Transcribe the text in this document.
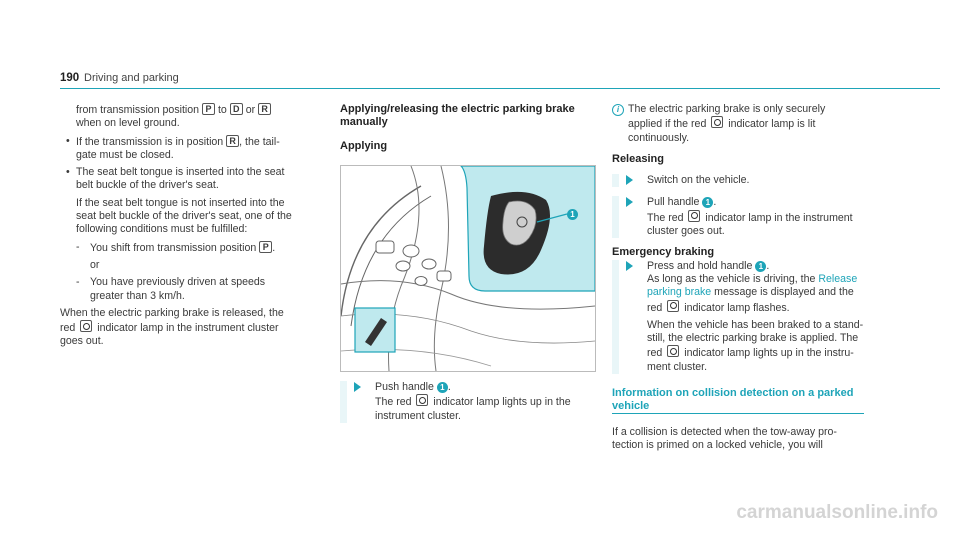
190 Driving and parking

from transmission position P to D or R

when on level ground.

• If the transmission is in position R , the tail-

gate must be closed.

• The seat belt tongue is inserted into the seat

belt buckle of the driver's seat.

If the seat belt tongue is not inserted into the

seat belt buckle of the driver's seat, one of the

following conditions must be fulfilled:

- You shift from transmission position P .

or

- You have previously driven at speeds

greater than 3 km/h.

When the electric parking brake is released, the

red indicator lamp in the instrument cluster

goes out.

Applying/releasing the electric parking brake

manually

Applying

1

Push handle 1 .

The red indicator lamp lights up in the

instrument cluster.

i The electric parking brake is only securely

applied if the red indicator lamp is lit

continuously.

Releasing

Switch on the vehicle.

Pull handle 1 .

The red indicator lamp in the instrument

cluster goes out.

Emergency braking

Press and hold handle 1 .

As long as the vehicle is driving, the Release

parking brake message is displayed and the

red indicator lamp flashes.

When the vehicle has been braked to a stand-

still, the electric parking brake is applied. The

red indicator lamp lights up in the instru-

ment cluster.

Information on collision detection on a parked

vehicle

If a collision is detected when the tow-away pro-

tection is primed on a locked vehicle, you will

carmanualsonline.info
